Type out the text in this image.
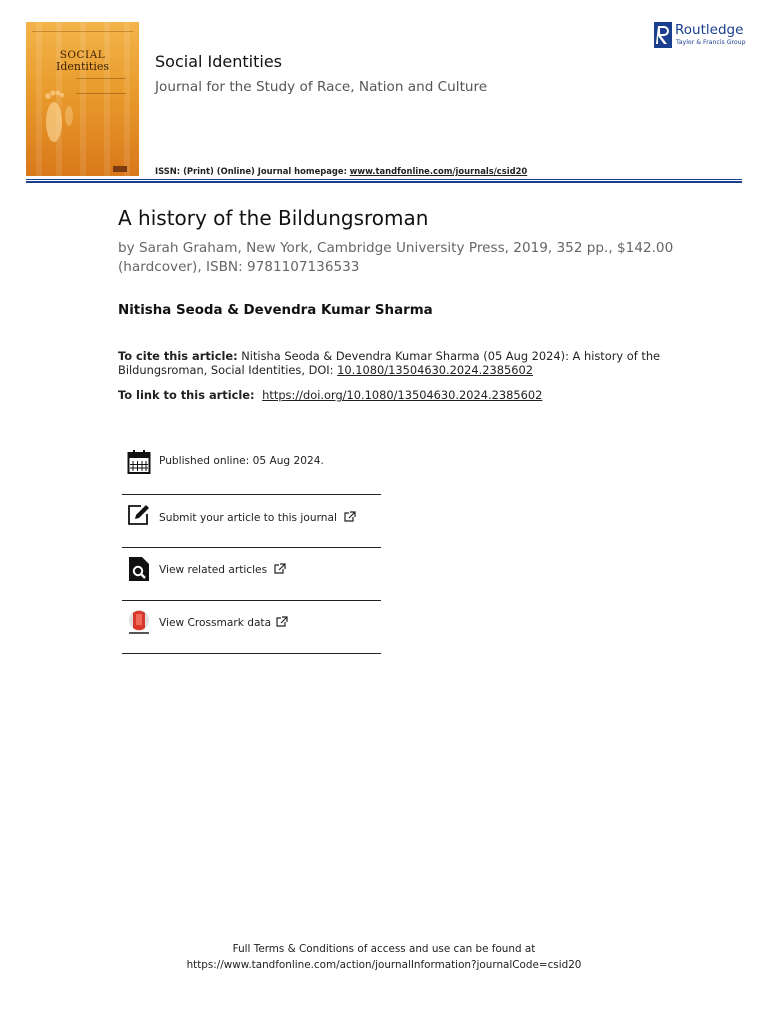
SOCIAL
Identities	Social Identities
Journal for the Study of Race, Nation and Culture
ISSN: (Print) (Online) Journal homepage: www.tandfonline.com/journals/csid20
Routledge
Taylor & Francis Group
A history of the Bildungsroman
by Sarah Graham, New York, Cambridge University Press, 2019, 352 pp., $142.00 (hardcover), ISBN: 9781107136533
Nitisha Seoda & Devendra Kumar Sharma
To cite this article: Nitisha Seoda & Devendra Kumar Sharma (05 Aug 2024): A history of the Bildungsroman, Social Identities, DOI: 10.1080/13504630.2024.2385602
To link to this article: https://doi.org/10.1080/13504630.2024.2385602
Published online: 05 Aug 2024.
Submit your article to this journal
View related articles
View Crossmark data
Full Terms & Conditions of access and use can be found at
https://www.tandfonline.com/action/journalInformation?journalCode=csid20
